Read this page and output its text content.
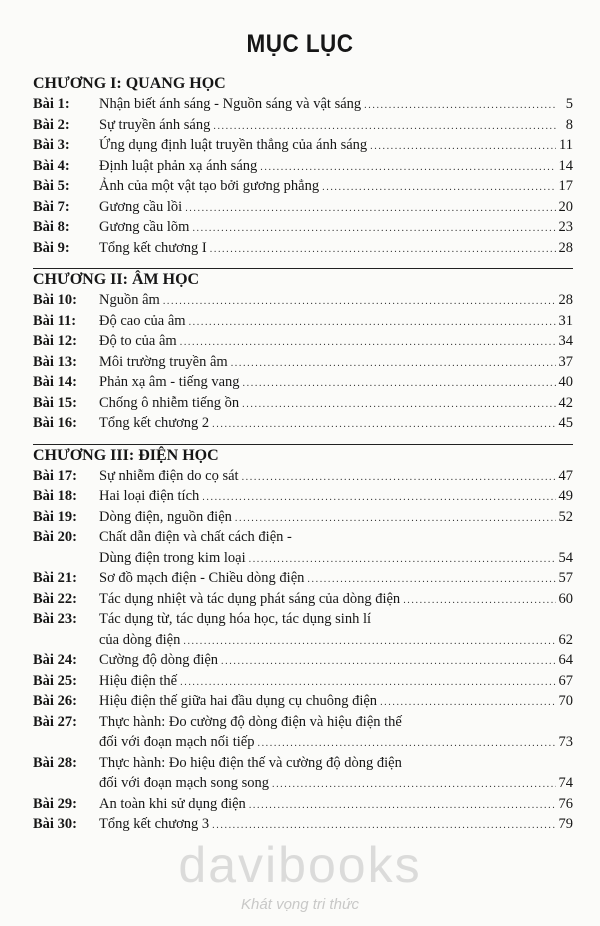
MỤC LỤC
CHƯƠNG I: QUANG HỌC
Bài 1:	Nhận biết ánh sáng - Nguồn sáng và vật sáng .....	5
Bài 2:	Sự truyền ánh sáng .....	8
Bài 3:	Ứng dụng định luật truyền thẳng của ánh sáng .....	11
Bài 4:	Định luật phản xạ ánh sáng .....	14
Bài 5:	Ảnh của một vật tạo bởi gương phẳng .....	17
Bài 7:	Gương cầu lồi .....	20
Bài 8:	Gương cầu lõm .....	23
Bài 9:	Tổng kết chương I .....	28
CHƯƠNG II: ÂM HỌC
Bài 10:	Nguồn âm .....	28
Bài 11:	Độ cao của âm .....	31
Bài 12:	Độ to của âm .....	34
Bài 13:	Môi trường truyền âm .....	37
Bài 14:	Phản xạ âm - tiếng vang .....	40
Bài 15:	Chống ô nhiễm tiếng ồn .....	42
Bài 16:	Tổng kết chương 2 .....	45
CHƯƠNG III: ĐIỆN HỌC
Bài 17:	Sự nhiễm điện do cọ sát .....	47
Bài 18:	Hai loại điện tích .....	49
Bài 19:	Dòng điện, nguồn điện .....	52
Bài 20:	Chất dẫn điện và chất cách điện -
Dùng điện trong kim loại .....	54
Bài 21:	Sơ đồ mạch điện - Chiều dòng điện .....	57
Bài 22:	Tác dụng nhiệt và tác dụng phát sáng của dòng điện .....	60
Bài 23:	Tác dụng từ, tác dụng hóa học, tác dụng sinh lí
của dòng điện .....	62
Bài 24:	Cường độ dòng điện .....	64
Bài 25:	Hiệu điện thế .....	67
Bài 26:	Hiệu điện thế giữa hai đầu dụng cụ chuông điện .....	70
Bài 27:	Thực hành: Đo cường độ dòng điện và hiệu điện thế
đối với đoạn mạch nối tiếp .....	73
Bài 28:	Thực hành: Đo hiệu điện thế và cường độ dòng điện
đối với đoạn mạch song song .....	74
Bài 29:	An toàn khi sử dụng điện .....	76
Bài 30:	Tổng kết chương 3 .....	79
davibooks
Khát vọng tri thức
